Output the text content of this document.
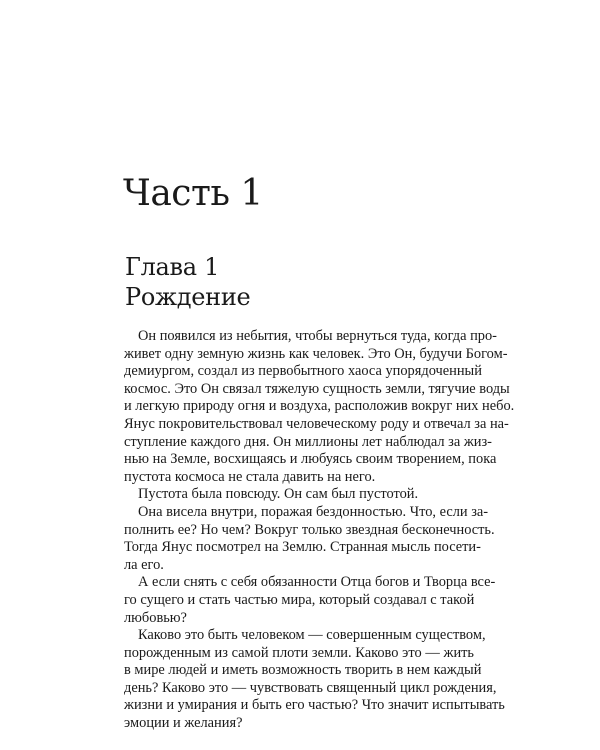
Часть 1
Глава 1
Рождение
Он появился из небытия, чтобы вернуться туда, когда про-
живет одну земную жизнь как человек. Это Он, будучи Богом-
демиургом, создал из первобытного хаоса упорядоченный
космос. Это Он связал тяжелую сущность земли, тягучие воды
и легкую природу огня и воздуха, расположив вокруг них небо.
Янус покровительствовал человеческому роду и отвечал за на-
ступление каждого дня. Он миллионы лет наблюдал за жиз-
нью на Земле, восхищаясь и любуясь своим творением, пока
пустота космоса не стала давить на него.
Пустота была повсюду. Он сам был пустотой.
Она висела внутри, поражая бездонностью. Что, если за-
полнить ее? Но чем? Вокруг только звездная бесконечность.
Тогда Янус посмотрел на Землю. Странная мысль посети-
ла его.
А если снять с себя обязанности Отца богов и Творца все-
го сущего и стать частью мира, который создавал с такой
любовью?
Каково это быть человеком — совершенным существом,
порожденным из самой плоти земли. Каково это — жить
в мире людей и иметь возможность творить в нем каждый
день? Каково это — чувствовать священный цикл рождения,
жизни и умирания и быть его частью? Что значит испытывать
эмоции и желания?
